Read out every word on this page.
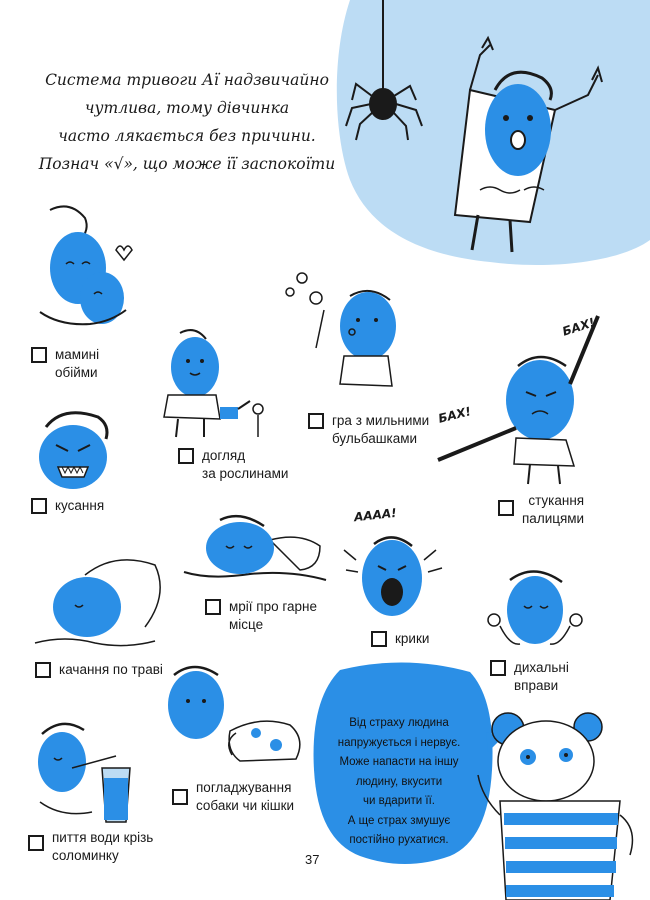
Система тривоги Аї надзвичайно
чутлива, тому дівчинка
часто лякається без причини.
Познач «√», що може її заспокоїти
БАХ!
БАХ!
АААА!
Від страху людина
напружується і нервує.
Може напасти на іншу
людину, вкусити
чи вдарити її.
А ще страх змушує
постійно рухатися.
мамині
обійми
догляд
за рослинами
гра з мильними
бульбашками
кусання	стукання
палицями
мрії про гарне
місце
крики
качання по траві	дихальні
вправи
погладжування
собаки чи кішки
пиття води крізь
соломинку	37
